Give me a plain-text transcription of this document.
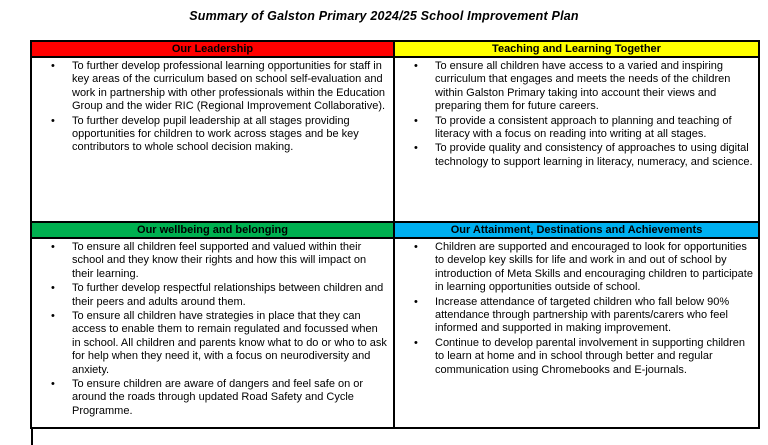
Summary of Galston Primary 2024/25 School Improvement Plan
Our Leadership	Teaching and Learning Together

• To further develop professional learning opportunities for staff in key areas of the curriculum based on school self-evaluation and work in partnership with other professionals within the Education Group and the wider RIC (Regional Improvement Collaborative).
• To further develop pupil leadership at all stages providing opportunities for children to work across stages and be key contributors to whole school decision making.

• To ensure all children have access to a varied and inspiring curriculum that engages and meets the needs of the children within Galston Primary taking into account their views and preparing them for future careers.
• To provide a consistent approach to planning and teaching of literacy with a focus on reading into writing at all stages.
• To provide quality and consistency of approaches to using digital technology to support learning in literacy, numeracy, and science.

Our wellbeing and belonging	Our Attainment, Destinations and Achievements

• To ensure all children feel supported and valued within their school and they know their rights and how this will impact on their learning.
• To further develop respectful relationships between children and their peers and adults around them.
• To ensure all children have strategies in place that they can access to enable them to remain regulated and focussed when in school. All children and parents know what to do or who to ask for help when they need it, with a focus on neurodiversity and anxiety.
• To ensure children are aware of dangers and feel safe on or around the roads through updated Road Safety and Cycle Programme.

• Children are supported and encouraged to look for opportunities to develop key skills for life and work in and out of school by introduction of Meta Skills and encouraging children to participate in learning opportunities outside of school.
• Increase attendance of targeted children who fall below 90% attendance through partnership with parents/carers who feel informed and supported in making improvement.
• Continue to develop parental involvement in supporting children to learn at home and in school through better and regular communication using Chromebooks and E-journals.
